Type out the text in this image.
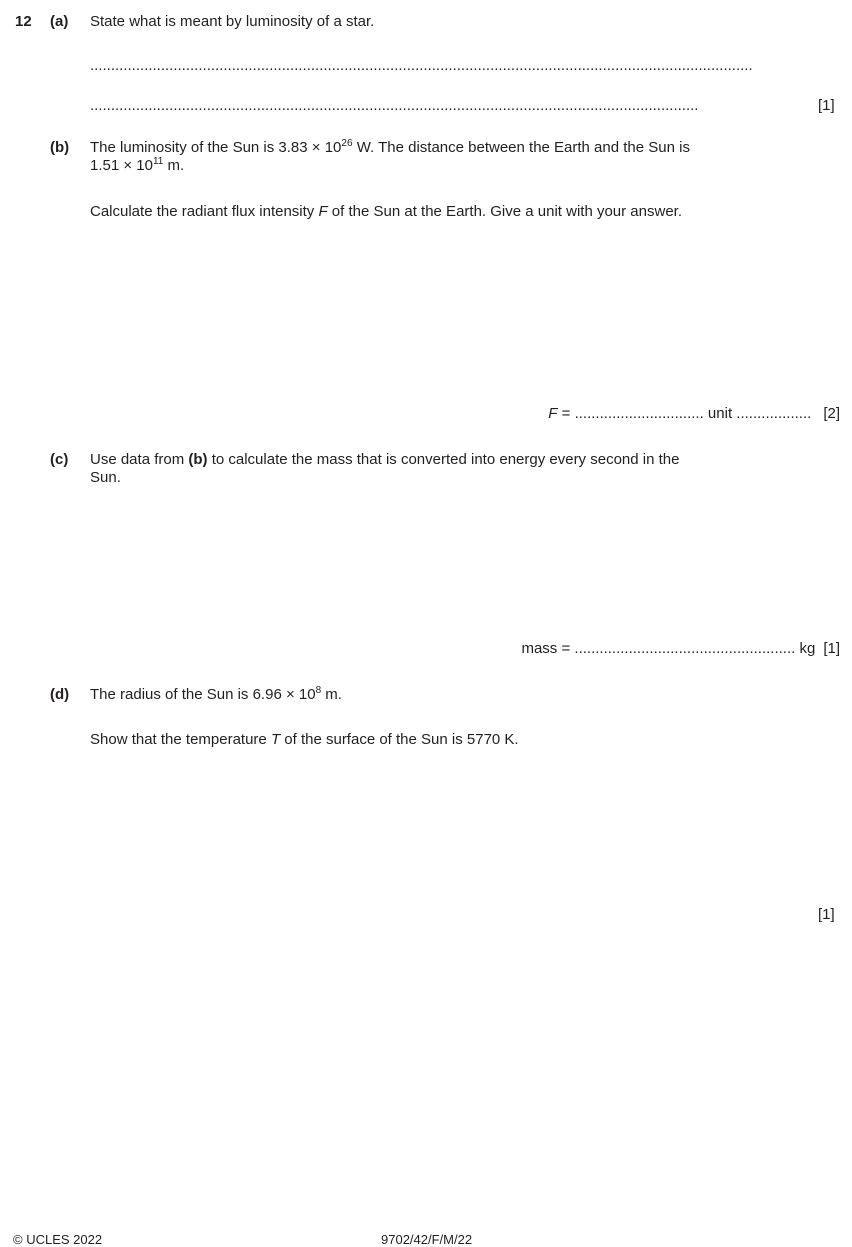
12 (a) State what is meant by luminosity of a star.
...............................................................................................................................................................
..................................................................................................................................................	[1]
(b) The luminosity of the Sun is $3.83 \times 10^{26}$ W. The distance between the Earth and the Sun is
$1.51 \times 10^{11}$ m.
Calculate the radiant flux intensity F of the Sun at the Earth. Give a unit with your answer.
F = ............................... unit .................. [2]
(c) Use data from (b) to calculate the mass that is converted into energy every second in the
Sun.
mass = ..................................................... kg [1]
(d) The radius of the Sun is $6.96 \times 10^8$ m.
Show that the temperature T of the surface of the Sun is 5770 K.
[1]
© UCLES 2022	9702/42/F/M/22
